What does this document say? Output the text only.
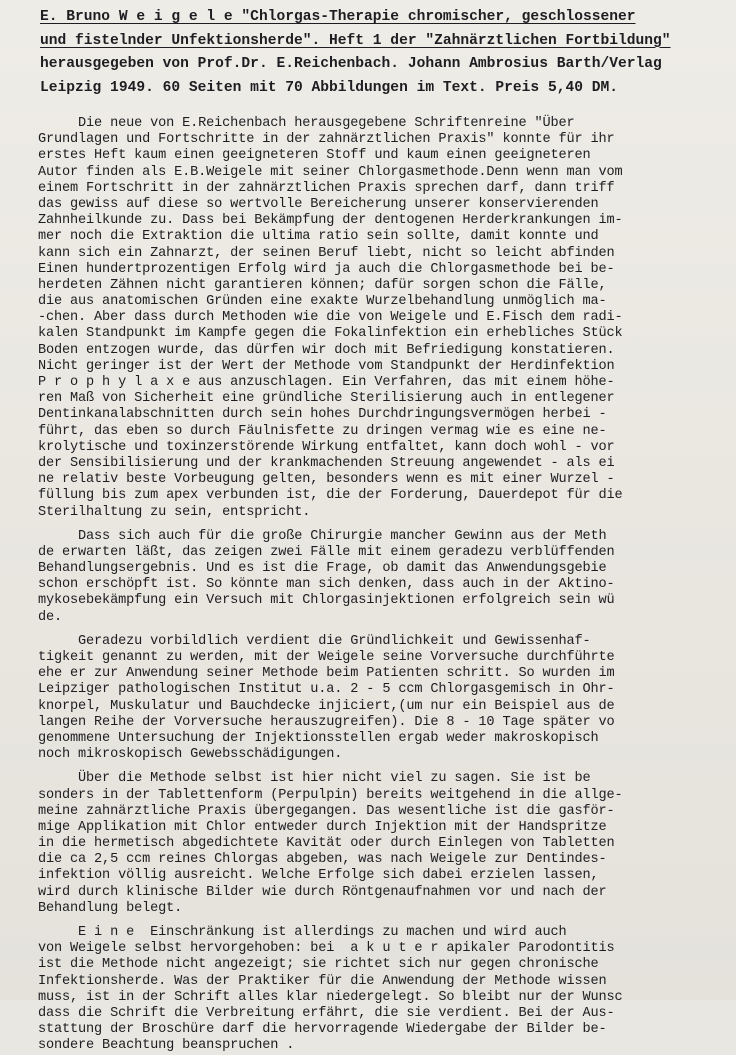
E. Bruno W e i g e l e "Chlorgas-Therapie chromischer, geschlossener
und fistelnder Unfektionsherde". Heft 1 der "Zahnärztlichen Fortbildung"
herausgegeben von Prof.Dr. E.Reichenbach. Johann Ambrosius Barth/Verlag
Leipzig 1949. 60 Seiten mit 70 Abbildungen im Text. Preis 5,40 DM.
Die neue von E.Reichenbach herausgegebene Schriftenreine "Über
Grundlagen und Fortschritte in der zahnärztlichen Praxis" konnte für ihr
erstes Heft kaum einen geeigneteren Stoff und kaum einen geeigneteren
Autor finden als E.B.Weigele mit seiner Chlorgasmethode.Denn wenn man vom
einem Fortschritt in der zahnärztlichen Praxis sprechen darf, dann triff
das gewiss auf diese so wertvolle Bereicherung unserer konservierenden
Zahnheilkunde zu. Dass bei Bekämpfung der dentogenen Herderkrankungen im-
mer noch die Extraktion die ultima ratio sein sollte, damit konnte und
kann sich ein Zahnarzt, der seinen Beruf liebt, nicht so leicht abfinden
Einen hundertprozentigen Erfolg wird ja auch die Chlorgasmethode bei be-
herdeten Zähnen nicht garantieren können; dafür sorgen schon die Fälle,
die aus anatomischen Gründen eine exakte Wurzelbehandlung unmöglich ma-
-chen. Aber dass durch Methoden wie die von Weigele und E.Fisch dem radi-
kalen Standpunkt im Kampfe gegen die Fokalinfektion ein erhebliches Stück
Boden entzogen wurde, das dürfen wir doch mit Befriedigung konstatieren.
Nicht geringer ist der Wert der Methode vom Standpunkt der Herdinfektion
P r o p h y l a x e aus anzuschlagen. Ein Verfahren, das mit einem höhe-
ren Maß von Sicherheit eine gründliche Sterilisierung auch in entlegener
Dentinkanalabschnitten durch sein hohes Durchdringungsvermögen herbei -
führt, das eben so durch Fäulnisfette zu dringen vermag wie es eine ne-
krolytische und toxinzerstörende Wirkung entfaltet, kann doch wohl - vor
der Sensibilisierung und der krankmachenden Streuung angewendet - als ei
ne relativ beste Vorbeugung gelten, besonders wenn es mit einer Wurzel -
füllung bis zum apex verbunden ist, die der Forderung, Dauerdepot für die
Sterilhaltung zu sein, entspricht.
Dass sich auch für die große Chirurgie mancher Gewinn aus der Meth
de erwarten läßt, das zeigen zwei Fälle mit einem geradezu verblüffenden
Behandlungsergebnis. Und es ist die Frage, ob damit das Anwendungsgebie
schon erschöpft ist. So könnte man sich denken, dass auch in der Aktino-
mykosebekämpfung ein Versuch mit Chlorgasinjektionen erfolgreich sein wü
de.
Geradezu vorbildlich verdient die Gründlichkeit und Gewissenhaf-
tigkeit genannt zu werden, mit der Weigele seine Vorversuche durchführte
ehe er zur Anwendung seiner Methode beim Patienten schritt. So wurden im
Leipziger pathologischen Institut u.a. 2 - 5 ccm Chlorgasgemisch in Ohr-
knorpel, Muskulatur und Bauchdecke injiciert,(um nur ein Beispiel aus de
langen Reihe der Vorversuche herauszugreifen). Die 8 - 10 Tage später vo
genommene Untersuchung der Injektionsstellen ergab weder makroskopisch
noch mikroskopisch Gewebsschädigungen.
Über die Methode selbst ist hier nicht viel zu sagen. Sie ist be
sonders in der Tablettenform (Perpulpin) bereits weitgehend in die allge-
meine zahnärztliche Praxis übergegangen. Das wesentliche ist die gasför-
mige Applikation mit Chlor entweder durch Injektion mit der Handspritze
in die hermetisch abgedichtete Kavität oder durch Einlegen von Tabletten
die ca 2,5 ccm reines Chlorgas abgeben, was nach Weigele zur Dentindes-
infektion völlig ausreicht. Welche Erfolge sich dabei erzielen lassen,
wird durch klinische Bilder wie durch Röntgenaufnahmen vor und nach der
Behandlung belegt.
E i n e  Einschränkung ist allerdings zu machen und wird auch
von Weigele selbst hervorgehoben: bei  a k u t e r apikaler Parodontitis
ist die Methode nicht angezeigt; sie richtet sich nur gegen chronische
Infektionsherde. Was der Praktiker für die Anwendung der Methode wissen
muss, ist in der Schrift alles klar niedergelegt. So bleibt nur der Wunsc
dass die Schrift die Verbreitung erfährt, die sie verdient. Bei der Aus-
stattung der Broschüre darf die hervorragende Wiedergabe der Bilder be-
sondere Beachtung beanspruchen .
